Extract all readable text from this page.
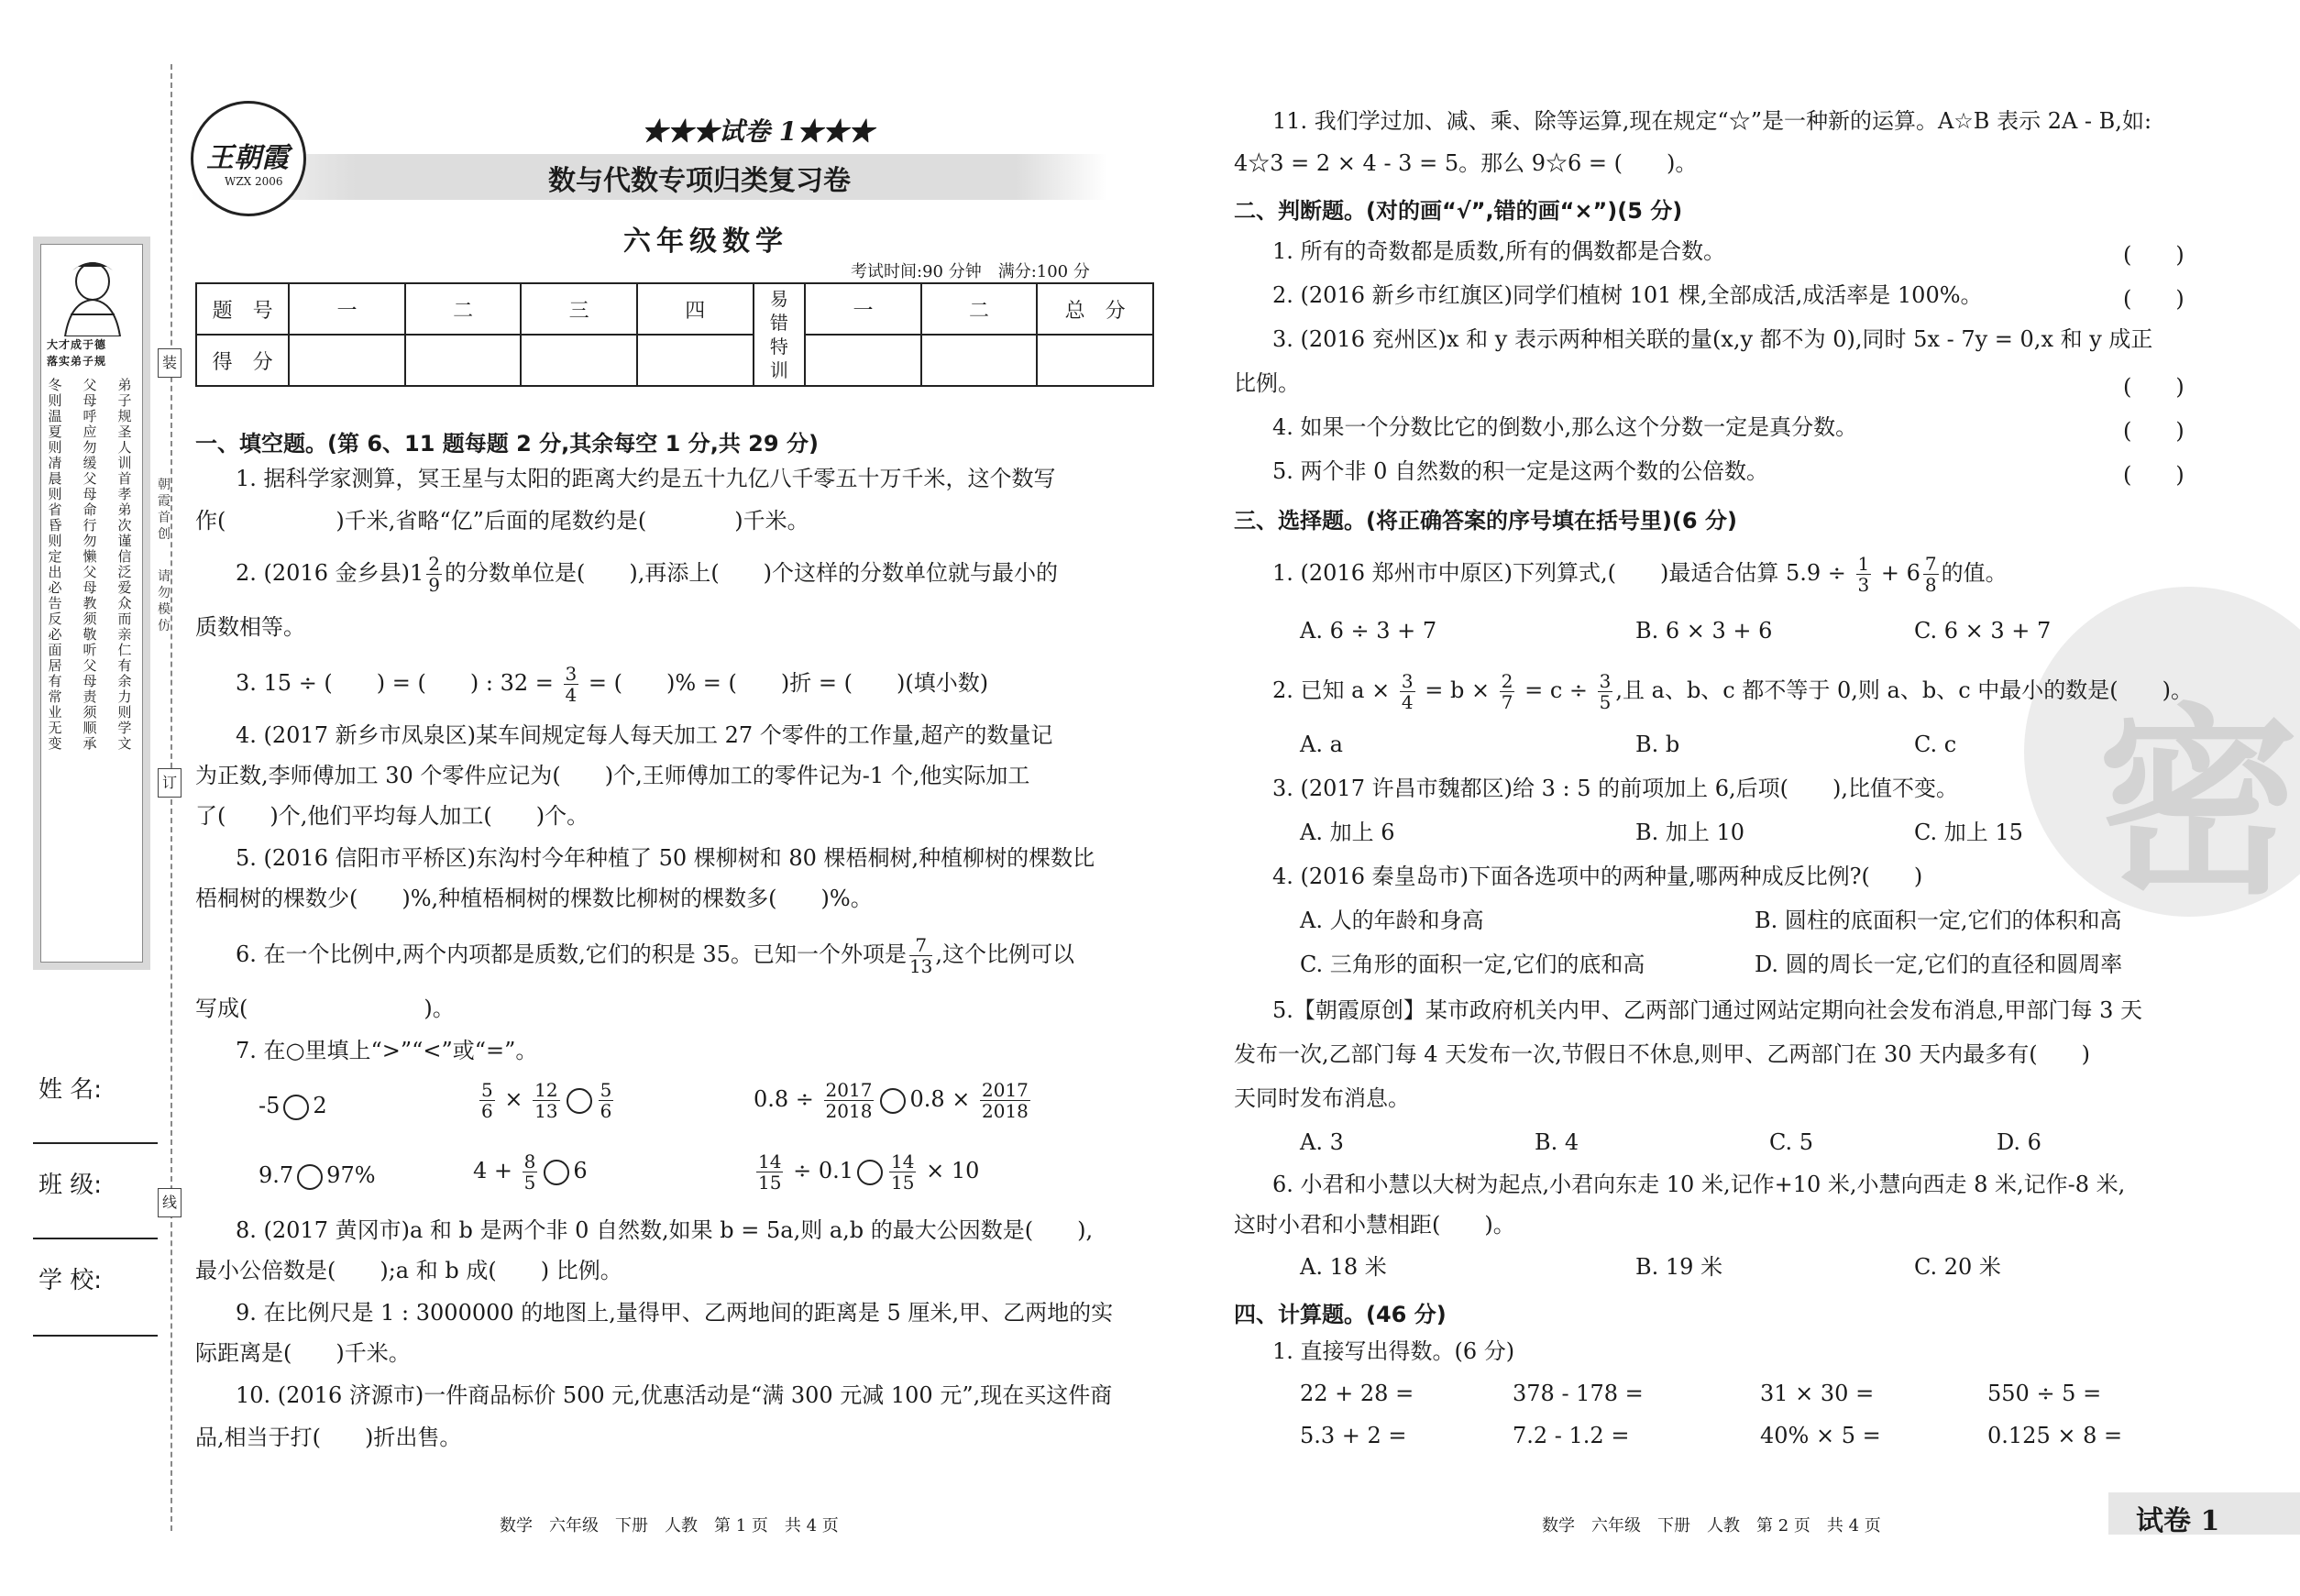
大才成于德
落实弟子规
冬则温夏则凊晨则省昏则定出必告反必面居有常业无变
父母呼应勿缓父母命行勿懒父母教须敬听父母责须顺承
弟子规圣人训首孝弟次谨信泛爱众而亲仁有余力则学文
姓 名:
班 级:
学 校:
装
朝霞首创
请勿模仿
订
线
王朝霞
WZX 2006
★★★试卷 1★★★
数与代数专项归类复习卷
六年级数学
考试时间:90 分钟　满分:100 分
题　号	一	二	三	四	易错特训	一	二	总　分
得　分								
一、填空题。(第 6、11 题每题 2 分,其余每空 1 分,共 29 分)
1. 据科学家测算，冥王星与太阳的距离大约是五十九亿八千零五十万千米，这个数写
作(　　　　　)千米,省略“亿”后面的尾数约是(　　　　)千米。
2. (2016 金乡县)$1 \frac{2}{9}$ 的分数单位是(　　),再添上(　　)个这样的分数单位就与最小的
质数相等。
3. 15 ÷ (　　) = (　　) : $32 = \frac{3}{4}$ = (　　)% = (　　)折 = (　　)(填小数)
4. (2017 新乡市凤泉区)某车间规定每人每天加工 27 个零件的工作量,超产的数量记
为正数,李师傅加工 30 个零件应记为(　　)个,王师傅加工的零件记为-1 个,他实际加工
了(　　)个,他们平均每人加工(　　)个。
5. (2016 信阳市平桥区)东沟村今年种植了 50 棵柳树和 80 棵梧桐树,种植柳树的棵数比
梧桐树的棵数少(　　)%,种植梧桐树的棵数比柳树的棵数多(　　)%。
6. 在一个比例中,两个内项都是质数,它们的积是 35。已知一个外项是 $\frac{7}{13}$ ,这个比例可以
写成(　　　　　　　　)。
7. 在○里填上“>”“<”或“=”。
-5 2	$\frac{5}{6} \times \frac{12}{13} \frac{5}{6}$	$0.8 \div \frac{2017}{2018} 0.8 \times \frac{2017}{2018}$
9.7 97%	$4 + \frac{8}{5} 6$	$\frac{14}{15} \div 0.1 \frac{14}{15} \times 10$
8. (2017 黄冈市)a 和 b 是两个非 0 自然数,如果 b = 5a,则 a,b 的最大公因数是(　　),
最小公倍数是(　　);a 和 b 成(　　) 比例。
9. 在比例尺是 1 : 3000000 的地图上,量得甲、乙两地间的距离是 5 厘米,甲、乙两地的实
际距离是(　　)千米。
10. (2016 济源市)一件商品标价 500 元,优惠活动是“满 300 元减 100 元”,现在买这件商
品,相当于打(　　)折出售。
数学　六年级　下册　人教　第 1 页　共 4 页
密
11. 我们学过加、减、乘、除等运算,现在规定“☆”是一种新的运算。A☆B 表示 2A - B,如:
4☆3 = 2 × 4 - 3 = 5。那么 9☆6 = (　　)。
二、判断题。(对的画“√”,错的画“×”)(5 分)
1. 所有的奇数都是质数,所有的偶数都是合数。	(　　)
2. (2016 新乡市红旗区)同学们植树 101 棵,全部成活,成活率是 100%。	(　　)
3. (2016 兖州区)x 和 y 表示两种相关联的量(x,y 都不为 0),同时 5x - 7y = 0,x 和 y 成正
比例。	(　　)
4. 如果一个分数比它的倒数小,那么这个分数一定是真分数。	(　　)
5. 两个非 0 自然数的积一定是这两个数的公倍数。	(　　)
三、选择题。(将正确答案的序号填在括号里)(6 分)
1. (2016 郑州市中原区)下列算式,(　　)最适合估算 $5.9 \div \frac{1}{3} + 6 \frac{7}{8}$ 的值。
A. 6 ÷ 3 + 7	B. 6 × 3 + 6	C. 6 × 3 + 7
2. 已知 $a \times \frac{3}{4} = b \times \frac{2}{7} = c \div \frac{3}{5}$ ,且 a、b、c 都不等于 0,则 a、b、c 中最小的数是(　　)。
A. a	B. b	C. c
3. (2017 许昌市魏都区)给 3 : 5 的前项加上 6,后项(　　),比值不变。
A. 加上 6	B. 加上 10	C. 加上 15
4. (2016 秦皇岛市)下面各选项中的两种量,哪两种成反比例?(　　)
A. 人的年龄和身高	B. 圆柱的底面积一定,它们的体积和高
C. 三角形的面积一定,它们的底和高	D. 圆的周长一定,它们的直径和圆周率
5.【朝霞原创】某市政府机关内甲、乙两部门通过网站定期向社会发布消息,甲部门每 3 天
发布一次,乙部门每 4 天发布一次,节假日不休息,则甲、乙两部门在 30 天内最多有(　　)
天同时发布消息。
A. 3	B. 4	C. 5	D. 6
6. 小君和小慧以大树为起点,小君向东走 10 米,记作+10 米,小慧向西走 8 米,记作-8 米,
这时小君和小慧相距(　　)。
A. 18 米	B. 19 米	C. 20 米
四、计算题。(46 分)
1. 直接写出得数。(6 分)
22 + 28 =	378 - 178 =	31 × 30 =	550 ÷ 5 =
5.3 + 2 =	7.2 - 1.2 =	40% × 5 =	0.125 × 8 =
数学　六年级　下册　人教　第 2 页　共 4 页	试卷 1
